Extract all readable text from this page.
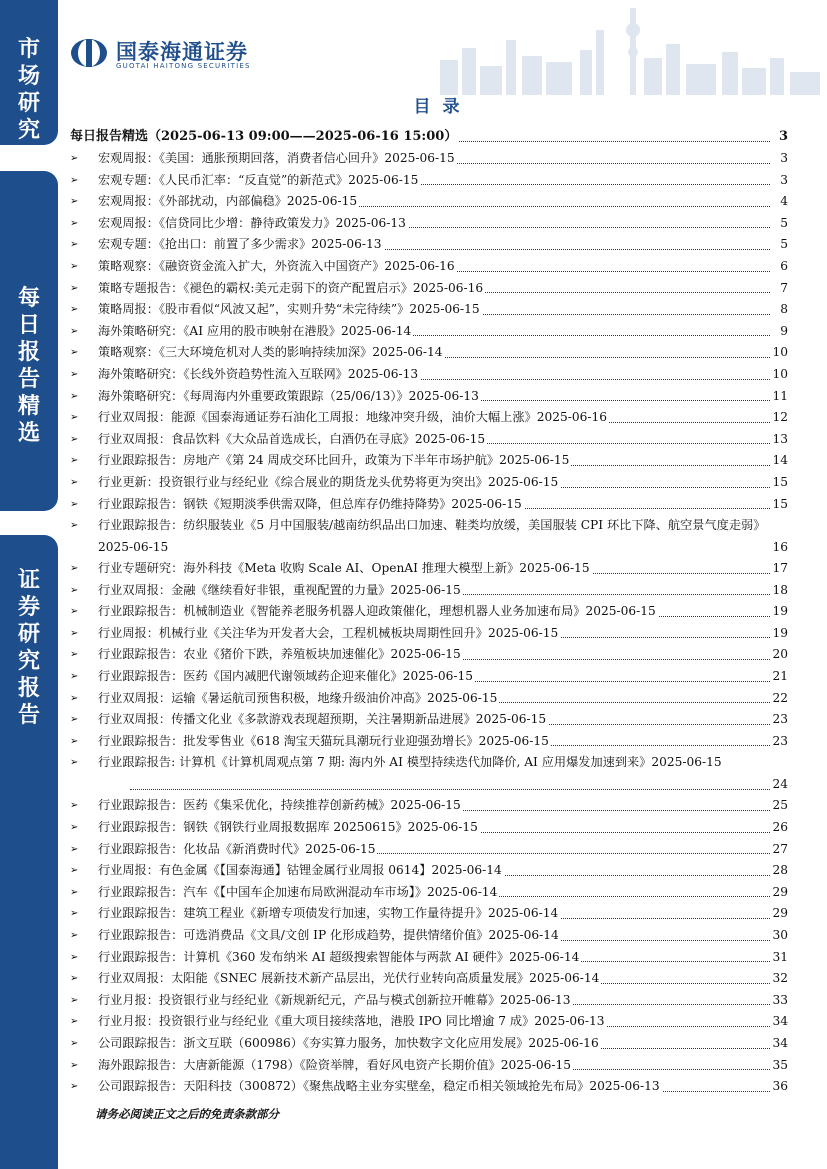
市
场
研
究
每
日
报
告
精
选
证
券
研
究
报
告
国泰海通证券
GUOTAI HAITONG SECURITIES
目录
每日报告精选（2025-06-13 09:00——2025-06-16 15:00）	3
➢ 宏观周报：《美国：通胀预期回落，消费者信心回升》2025-06-15	3
➢ 宏观专题：《人民币汇率：“反直觉”的新范式》2025-06-15	3
➢ 宏观周报：《外部扰动，内部偏稳》2025-06-15	4
➢ 宏观周报：《信贷同比少增：静待政策发力》2025-06-13	5
➢ 宏观专题：《抢出口：前置了多少需求》2025-06-13	5
➢ 策略观察：《融资资金流入扩大，外资流入中国资产》2025-06-16	6
➢ 策略专题报告：《褪色的霸权:美元走弱下的资产配置启示》2025-06-16	7
➢ 策略周报：《股市看似“风波又起”，实则升势“未完待续”》2025-06-15	8
➢ 海外策略研究：《AI 应用的股市映射在港股》2025-06-14	9
➢ 策略观察：《三大环境危机对人类的影响持续加深》2025-06-14	10
➢ 海外策略研究：《长线外资趋势性流入互联网》2025-06-13	10
➢ 海外策略研究：《每周海内外重要政策跟踪（25/06/13）》2025-06-13	11
➢ 行业双周报：能源《国泰海通证券石油化工周报：地缘冲突升级，油价大幅上涨》2025-06-16	12
➢ 行业双周报：食品饮料《大众品首选成长，白酒仍在寻底》2025-06-15	13
➢ 行业跟踪报告：房地产《第 24 周成交环比回升，政策为下半年市场护航》2025-06-15	14
➢ 行业更新：投资银行业与经纪业《综合展业的期货龙头优势将更为突出》2025-06-15	15
➢ 行业跟踪报告：钢铁《短期淡季供需双降，但总库存仍维持降势》2025-06-15	15
➢ 行业跟踪报告：纺织服装业《5 月中国服装/越南纺织品出口加速、鞋类均放缓，美国服装 CPI 环比下降、航空景气度走弱》2025-06-15	16
➢ 行业专题研究：海外科技《Meta 收购 Scale AI、OpenAI 推理大模型上新》2025-06-15	17
➢ 行业双周报：金融《继续看好非银，重视配置的力量》2025-06-15	18
➢ 行业跟踪报告：机械制造业《智能养老服务机器人迎政策催化，理想机器人业务加速布局》2025-06-15	19
➢ 行业周报：机械行业《关注华为开发者大会，工程机械板块周期性回升》2025-06-15	19
➢ 行业跟踪报告：农业《猪价下跌，养殖板块加速催化》2025-06-15	20
➢ 行业跟踪报告：医药《国内减肥代谢领域药企迎来催化》2025-06-15	21
➢ 行业双周报：运输《暑运航司预售积极，地缘升级油价冲高》2025-06-15	22
➢ 行业双周报：传播文化业《多款游戏表现超预期，关注暑期新品进展》2025-06-15	23
➢ 行业跟踪报告：批发零售业《618 淘宝天猫玩具潮玩行业迎强劲增长》2025-06-15	23
➢ 行业跟踪报告: 计算机《计算机周观点第 7 期: 海内外 AI 模型持续迭代加降价, AI 应用爆发加速到来》2025-06-15
24
➢ 行业跟踪报告：医药《集采优化，持续推荐创新药械》2025-06-15	25
➢ 行业跟踪报告：钢铁《钢铁行业周报数据库 20250615》2025-06-15	26
➢ 行业跟踪报告：化妆品《新消费时代》2025-06-15	27
➢ 行业周报：有色金属《【国泰海通】钴锂金属行业周报 0614】2025-06-14	28
➢ 行业跟踪报告：汽车《【中国车企加速布局欧洲混动车市场】》2025-06-14	29
➢ 行业跟踪报告：建筑工程业《新增专项债发行加速，实物工作量待提升》2025-06-14	29
➢ 行业跟踪报告：可选消费品《文具/文创 IP 化形成趋势，提供情绪价值》2025-06-14	30
➢ 行业跟踪报告：计算机《360 发布纳米 AI 超级搜索智能体与两款 AI 硬件》2025-06-14	31
➢ 行业双周报：太阳能《SNEC 展新技术新产品层出，光伏行业转向高质量发展》2025-06-14	32
➢ 行业月报：投资银行业与经纪业《新规新纪元，产品与模式创新拉开帷幕》2025-06-13	33
➢ 行业月报：投资银行业与经纪业《重大项目接续落地，港股 IPO 同比增逾 7 成》2025-06-13	34
➢ 公司跟踪报告：浙文互联（600986）《夯实算力服务，加快数字文化应用发展》2025-06-16	34
➢ 海外跟踪报告：大唐新能源（1798）《险资举牌，看好风电资产长期价值》2025-06-15	35
➢ 公司跟踪报告：天阳科技（300872）《聚焦战略主业夯实壁垒，稳定币相关领域抢先布局》2025-06-13	36
请务必阅读正文之后的免责条款部分
